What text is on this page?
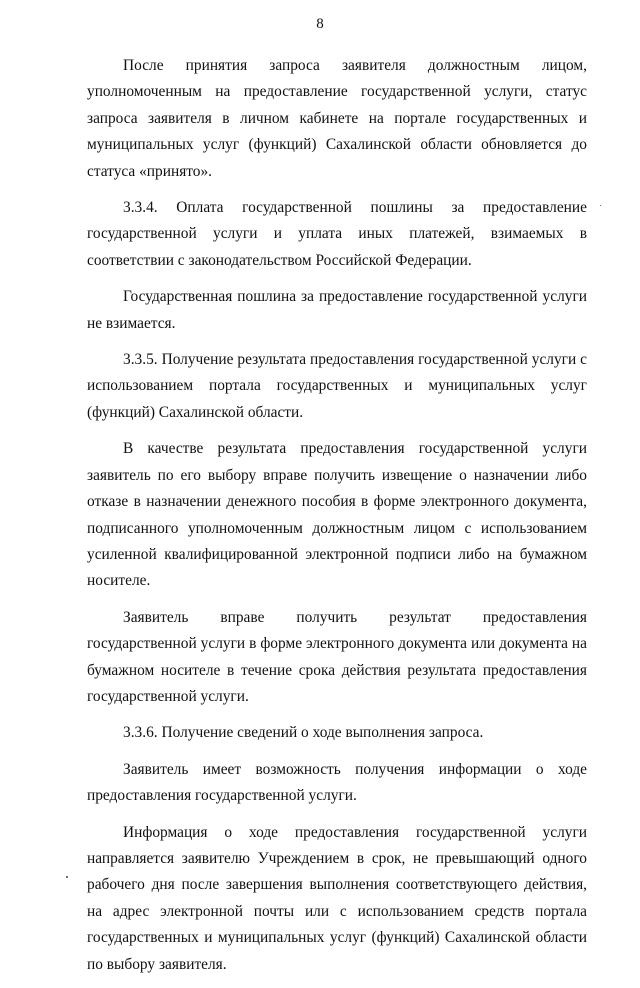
8

После принятия запроса заявителя должностным лицом, уполномоченным на предоставление государственной услуги, статус запроса заявителя в личном кабинете на портале государственных и муниципальных услуг (функций) Сахалинской области обновляется до статуса «принято».

3.3.4. Оплата государственной пошлины за предоставление государственной услуги и уплата иных платежей, взимаемых в соответствии с законодательством Российской Федерации.

Государственная пошлина за предоставление государственной услуги не взимается.

3.3.5. Получение результата предоставления государственной услуги с использованием портала государственных и муниципальных услуг (функций) Сахалинской области.

В качестве результата предоставления государственной услуги заявитель по его выбору вправе получить извещение о назначении либо отказе в назначении денежного пособия в форме электронного документа, подписанного уполномоченным должностным лицом с использованием усиленной квалифицированной электронной подписи либо на бумажном носителе.

Заявитель вправе получить результат предоставления государственной услуги в форме электронного документа или документа на бумажном носителе в течение срока действия результата предоставления государственной услуги.

3.3.6. Получение сведений о ходе выполнения запроса.

Заявитель имеет возможность получения информации о ходе предоставления государственной услуги.

Информация о ходе предоставления государственной услуги направляется заявителю Учреждением в срок, не превышающий одного рабочего дня после завершения выполнения соответствующего действия, на адрес электронной почты или с использованием средств портала государственных и муниципальных услуг (функций) Сахалинской области по выбору заявителя.
